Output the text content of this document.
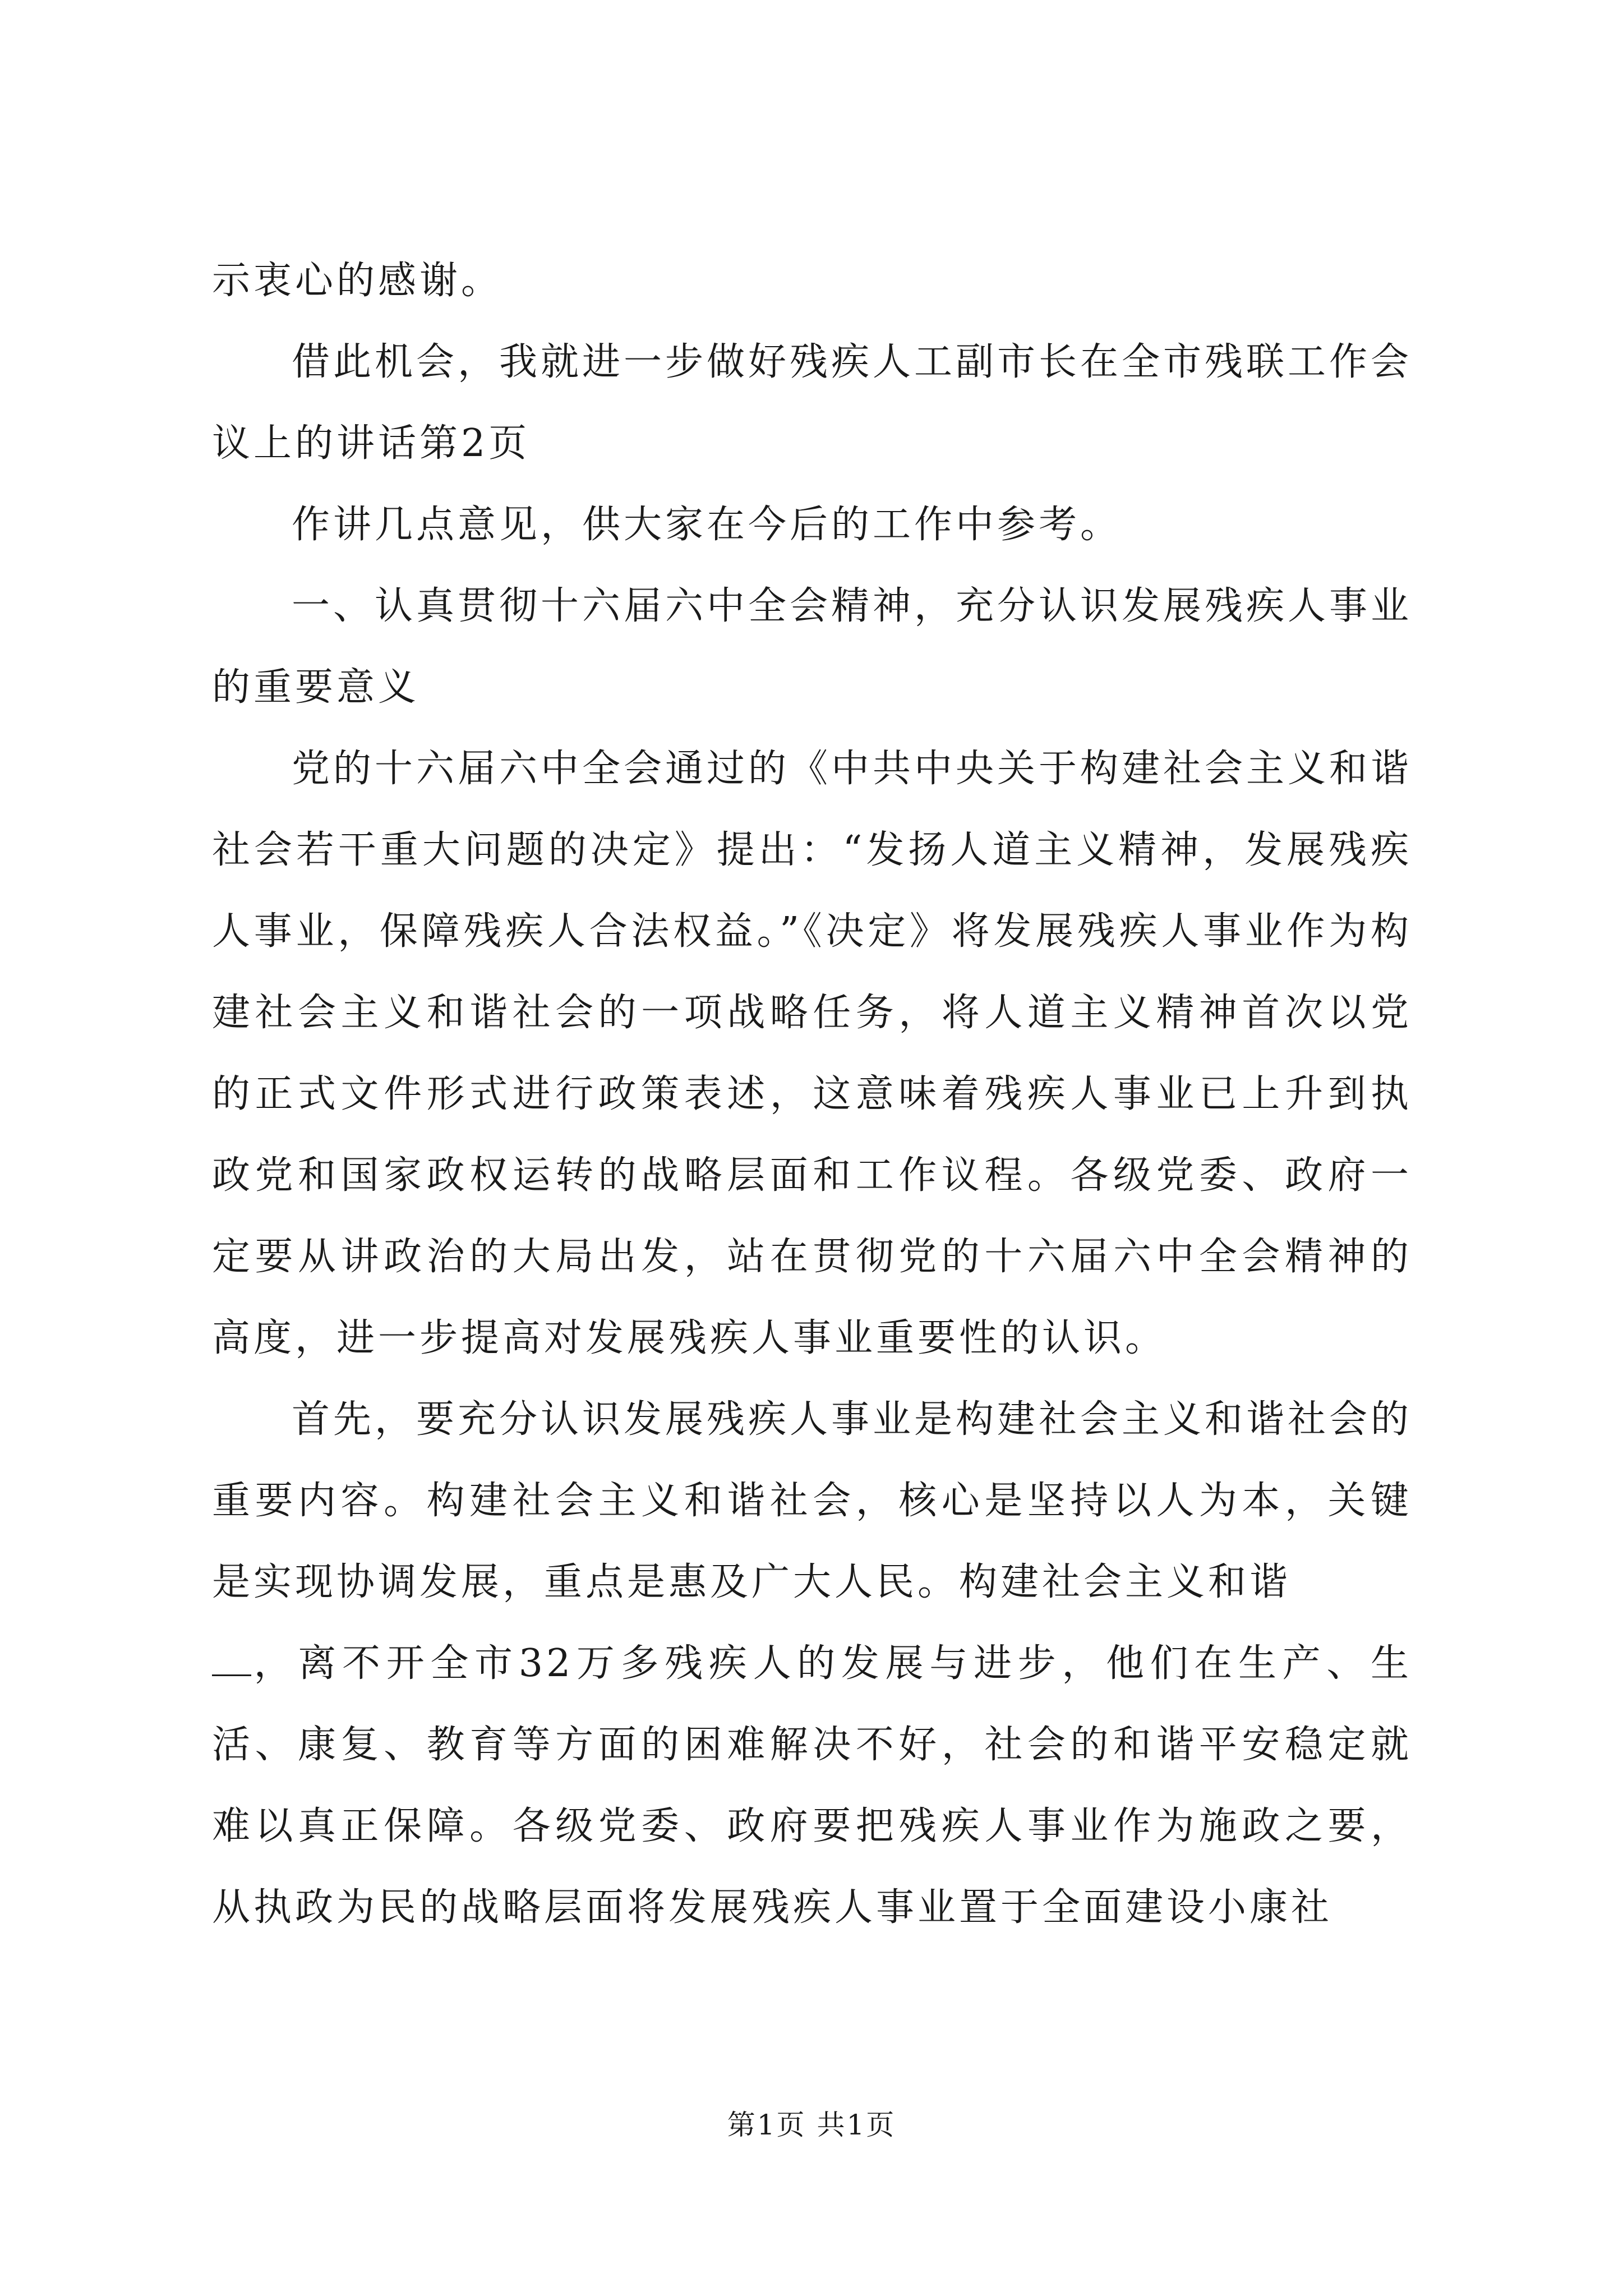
示衷心的感谢。

借此机会，我就进一步做好残疾人工副市长在全市残联工作会议上的讲话第2页

作讲几点意见，供大家在今后的工作中参考。

一、认真贯彻十六届六中全会精神，充分认识发展残疾人事业的重要意义

党的十六届六中全会通过的《中共中央关于构建社会主义和谐社会若干重大问题的决定》提出：“发扬人道主义精神，发展残疾人事业，保障残疾人合法权益。”《决定》将发展残疾人事业作为构建社会主义和谐社会的一项战略任务，将人道主义精神首次以党的正式文件形式进行政策表述，这意味着残疾人事业已上升到执政党和国家政权运转的战略层面和工作议程。各级党委、政府一定要从讲政治的大局出发，站在贯彻党的十六届六中全会精神的高度，进一步提高对发展残疾人事业重要性的认识。

首先，要充分认识发展残疾人事业是构建社会主义和谐社会的重要内容。构建社会主义和谐社会，核心是坚持以人为本，关键是实现协调发展，重点是惠及广大人民。构建社会主义和谐
，离不开全市32万多残疾人的发展与进步，他们在生产、生活、康复、教育等方面的困难解决不好，社会的和谐平安稳定就难以真正保障。各级党委、政府要把残疾人事业作为施政之要，从执政为民的战略层面将发展残疾人事业置于全面建设小康社

第1页 共1页
